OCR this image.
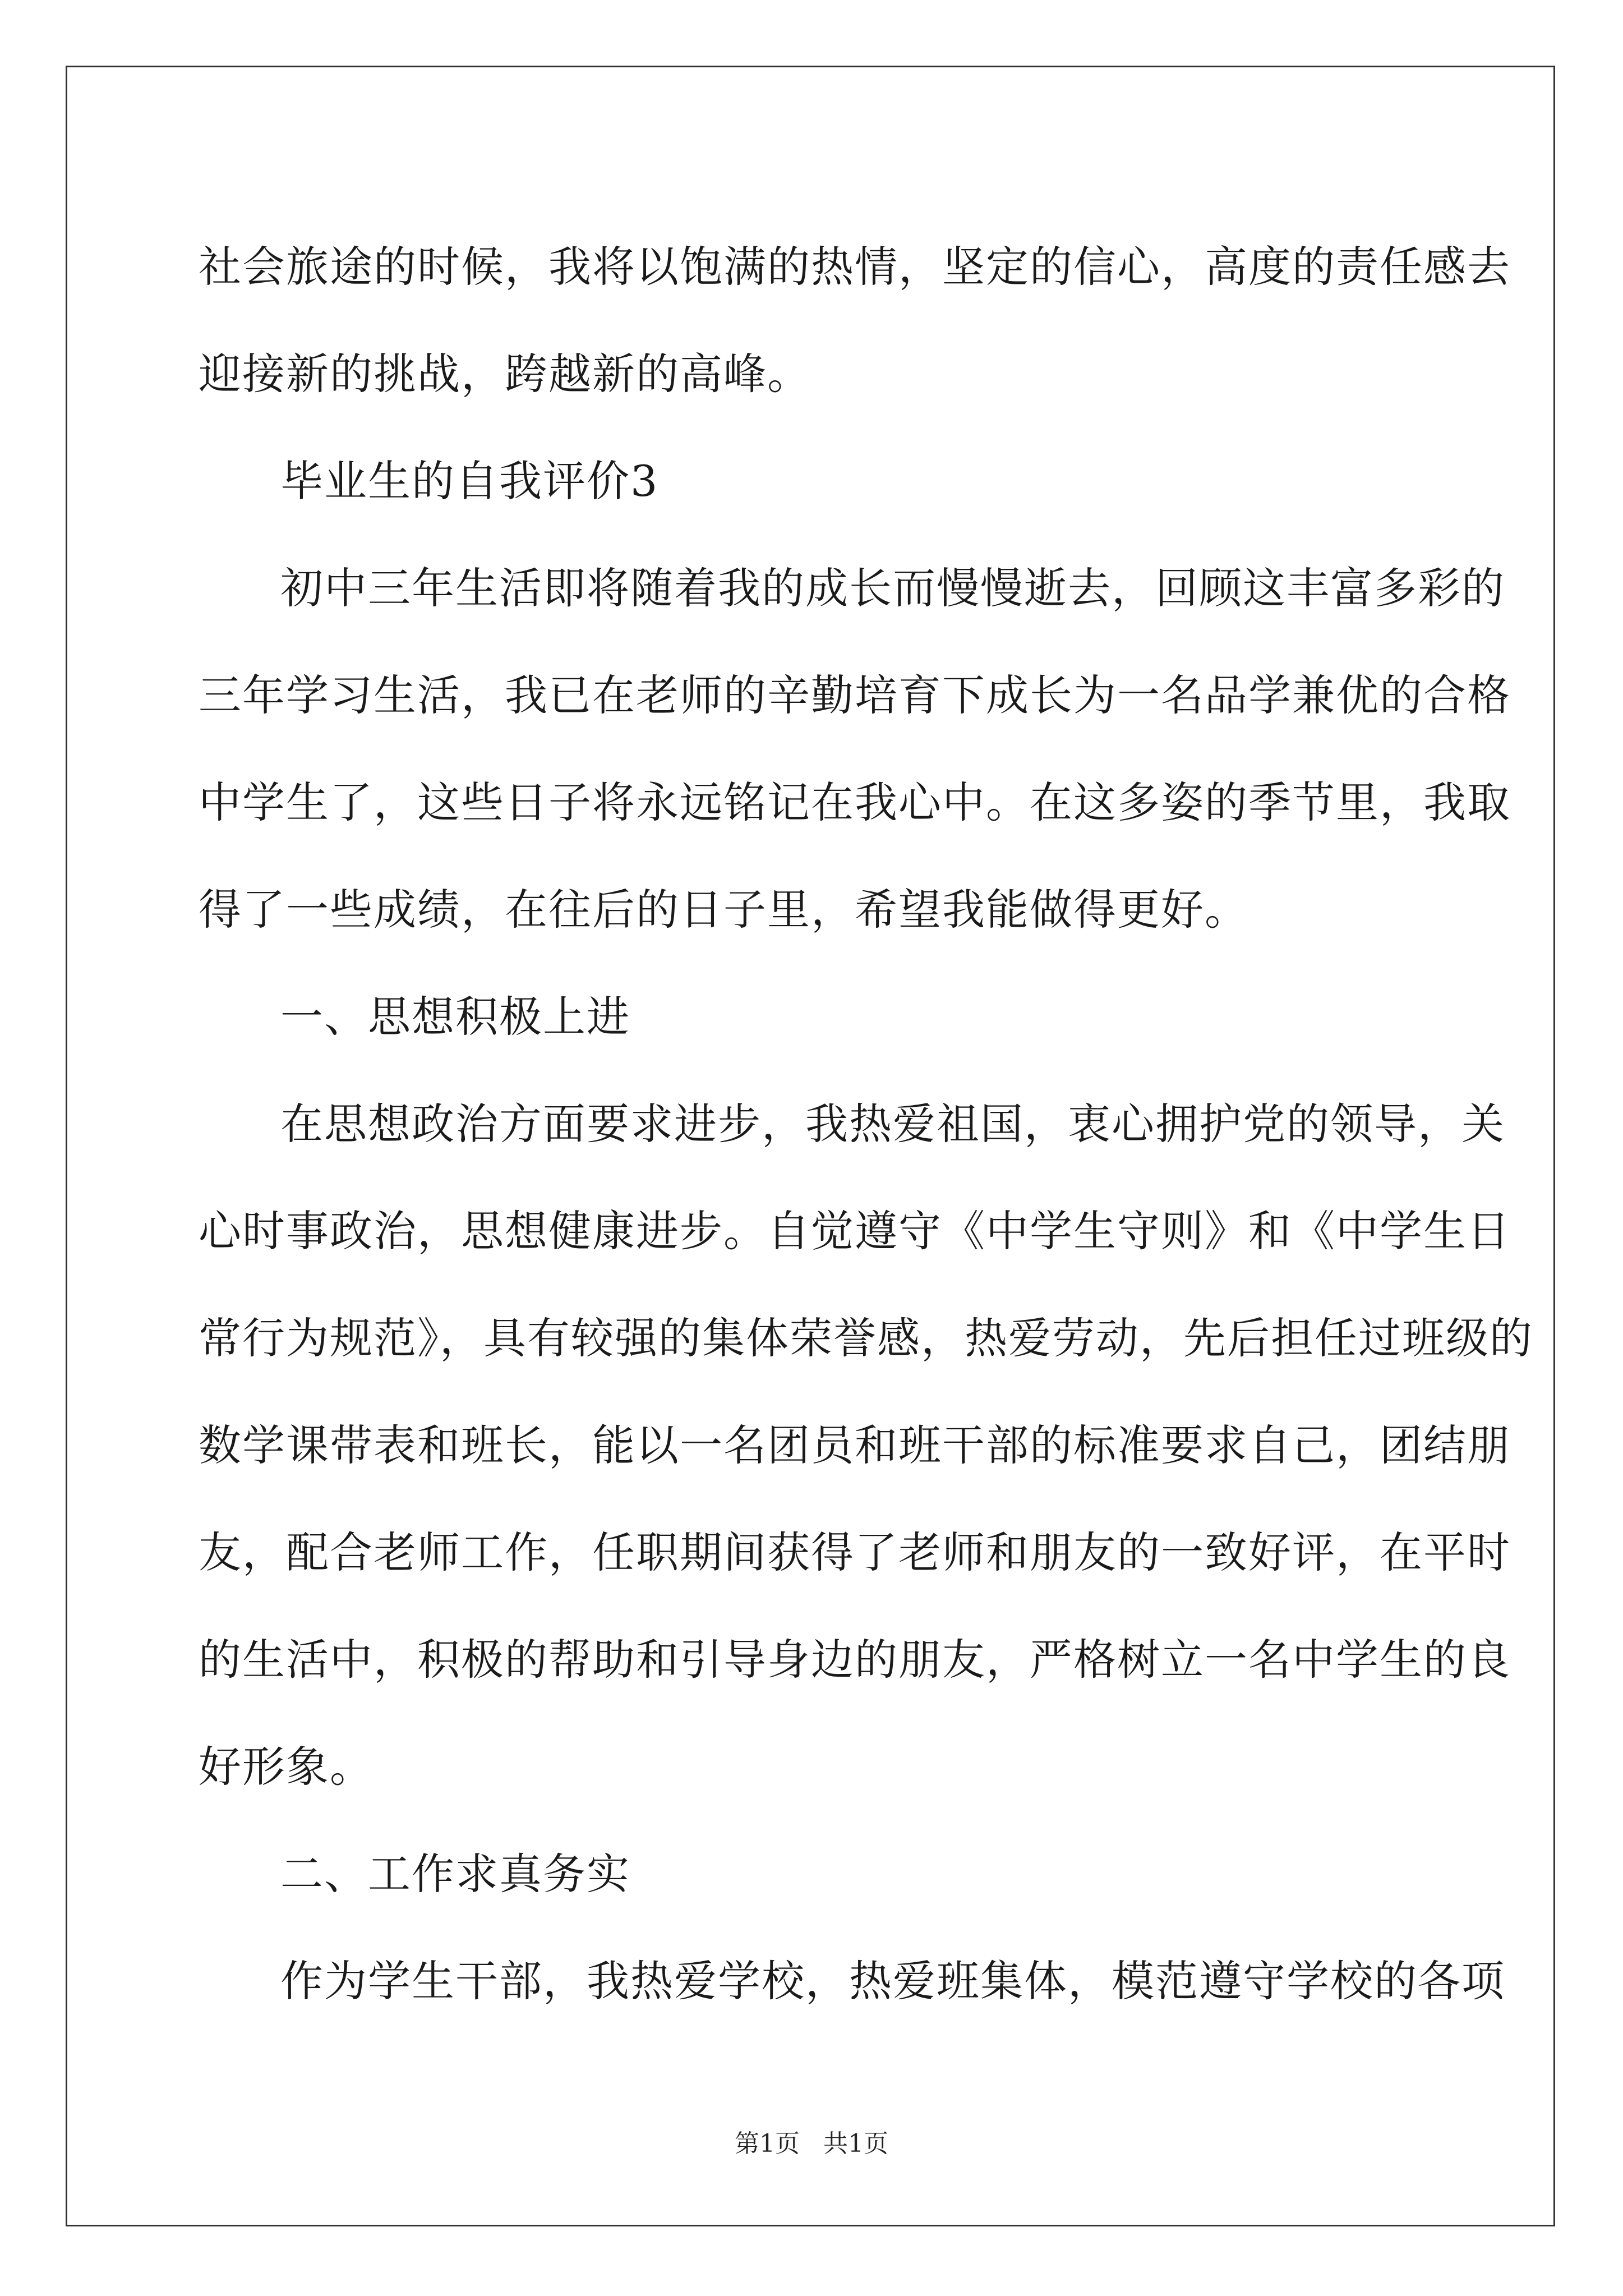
社会旅途的时候，我将以饱满的热情，坚定的信心，高度的责任感去
迎接新的挑战，跨越新的高峰。
毕业生的自我评价3
初中三年生活即将随着我的成长而慢慢逝去，回顾这丰富多彩的
三年学习生活，我已在老师的辛勤培育下成长为一名品学兼优的合格
中学生了，这些日子将永远铭记在我心中。在这多姿的季节里，我取
得了一些成绩，在往后的日子里，希望我能做得更好。
一、思想积极上进
在思想政治方面要求进步，我热爱祖国，衷心拥护党的领导，关
心时事政治，思想健康进步。自觉遵守《中学生守则》和《中学生日
常行为规范》，具有较强的集体荣誉感，热爱劳动，先后担任过班级的
数学课带表和班长，能以一名团员和班干部的标准要求自己，团结朋
友，配合老师工作，任职期间获得了老师和朋友的一致好评，在平时
的生活中，积极的帮助和引导身边的朋友，严格树立一名中学生的良
好形象。
二、工作求真务实
作为学生干部，我热爱学校，热爱班集体，模范遵守学校的各项
第1页 共1页
